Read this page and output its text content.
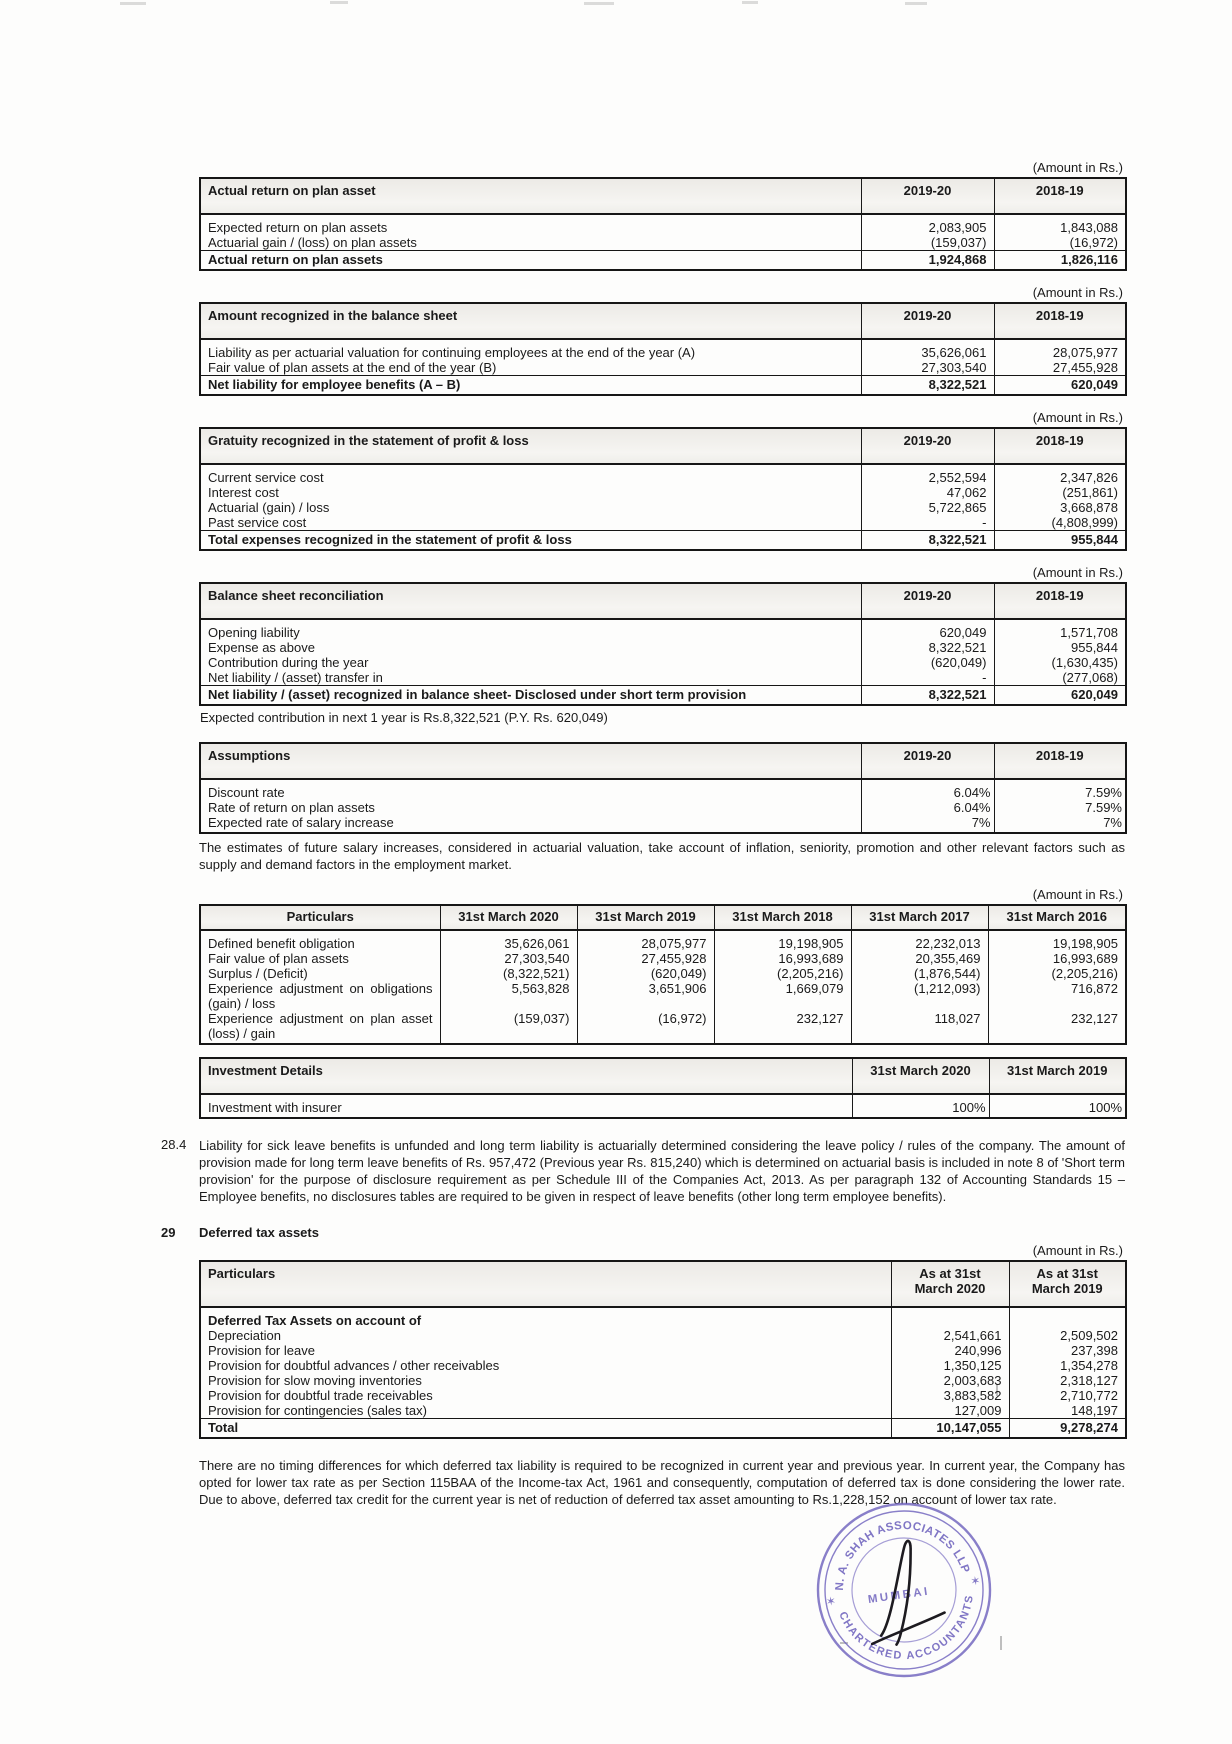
(Amount in Rs.)
Actual return on plan asset	2019-20	2018-19
Expected return on plan assets	2,083,905	1,843,088
Actuarial gain / (loss) on plan assets	(159,037)	(16,972)
Actual return on plan assets	1,924,868	1,826,116
(Amount in Rs.)
Amount recognized in the balance sheet	2019-20	2018-19
Liability as per actuarial valuation for continuing employees at the end of the year (A)	35,626,061	28,075,977
Fair value of plan assets at the end of the year (B)	27,303,540	27,455,928
Net liability for employee benefits (A – B)	8,322,521	620,049
(Amount in Rs.)
Gratuity recognized in the statement of profit & loss	2019-20	2018-19
Current service cost	2,552,594	2,347,826
Interest cost	47,062	(251,861)
Actuarial (gain) / loss	5,722,865	3,668,878
Past service cost	-	(4,808,999)
Total expenses recognized in the statement of profit & loss	8,322,521	955,844
(Amount in Rs.)
Balance sheet reconciliation	2019-20	2018-19
Opening liability	620,049	1,571,708
Expense as above	8,322,521	955,844
Contribution during the year	(620,049)	(1,630,435)
Net liability / (asset) transfer in	-	(277,068)
Net liability / (asset) recognized in balance sheet- Disclosed under short term provision	8,322,521	620,049
Expected contribution in next 1 year is Rs.8,322,521 (P.Y. Rs. 620,049)
Assumptions	2019-20	2018-19
Discount rate	6.04%	7.59%
Rate of return on plan assets	6.04%	7.59%
Expected rate of salary increase	7%	7%

The estimates of future salary increases, considered in actuarial valuation, take account of inflation, seniority, promotion and other relevant factors such as supply and demand factors in the employment market.

(Amount in Rs.)
Particulars	31st March 2020	31st March 2019	31st March 2018	31st March 2017	31st March 2016
Defined benefit obligation	35,626,061	28,075,977	19,198,905	22,232,013	19,198,905
Fair value of plan assets	27,303,540	27,455,928	16,993,689	20,355,469	16,993,689
Surplus / (Deficit)	(8,322,521)	(620,049)	(2,205,216)	(1,876,544)	(2,205,216)
Experience adjustment on obligations (gain) / loss	5,563,828	3,651,906	1,669,079	(1,212,093)	716,872
Experience adjustment on plan asset (loss) / gain	(159,037)	(16,972)	232,127	118,027	232,127
Investment Details	31st March 2020	31st March 2019
Investment with insurer	100%	100%
28.4 Liability for sick leave benefits is unfunded and long term liability is actuarially determined considering the leave policy / rules of the company. The amount of provision made for long term leave benefits of Rs. 957,472 (Previous year Rs. 815,240) which is determined on actuarial basis is included in note 8 of 'Short term provision' for the purpose of disclosure requirement as per Schedule III of the Companies Act, 2013. As per paragraph 132 of Accounting Standards 15 – Employee benefits, no disclosures tables are required to be given in respect of leave benefits (other long term employee benefits).

29 Deferred tax assets

(Amount in Rs.)
Particulars	As at 31st March 2020	As at 31st March 2019
Deferred Tax Assets on account of		
Depreciation	2,541,661	2,509,502
Provision for leave	240,996	237,398
Provision for doubtful advances / other receivables	1,350,125	1,354,278
Provision for slow moving inventories	2,003,683	2,318,127
Provision for doubtful trade receivables	3,883,582	2,710,772
Provision for contingencies (sales tax)	127,009	148,197
Total	10,147,055	9,278,274

There are no timing differences for which deferred tax liability is required to be recognized in current year and previous year. In current year, the Company has opted for lower tax rate as per Section 115BAA of the Income-tax Act, 1961 and consequently, computation of deferred tax is done considering the lower rate. Due to above, deferred tax credit for the current year is net of reduction of deferred tax asset amounting to Rs.1,228,152 on account of lower tax rate.

N. A. SHAH ASSOCIATES LLP
CHARTERED ACCOUNTANTS
✶
✶
MUMBAI
